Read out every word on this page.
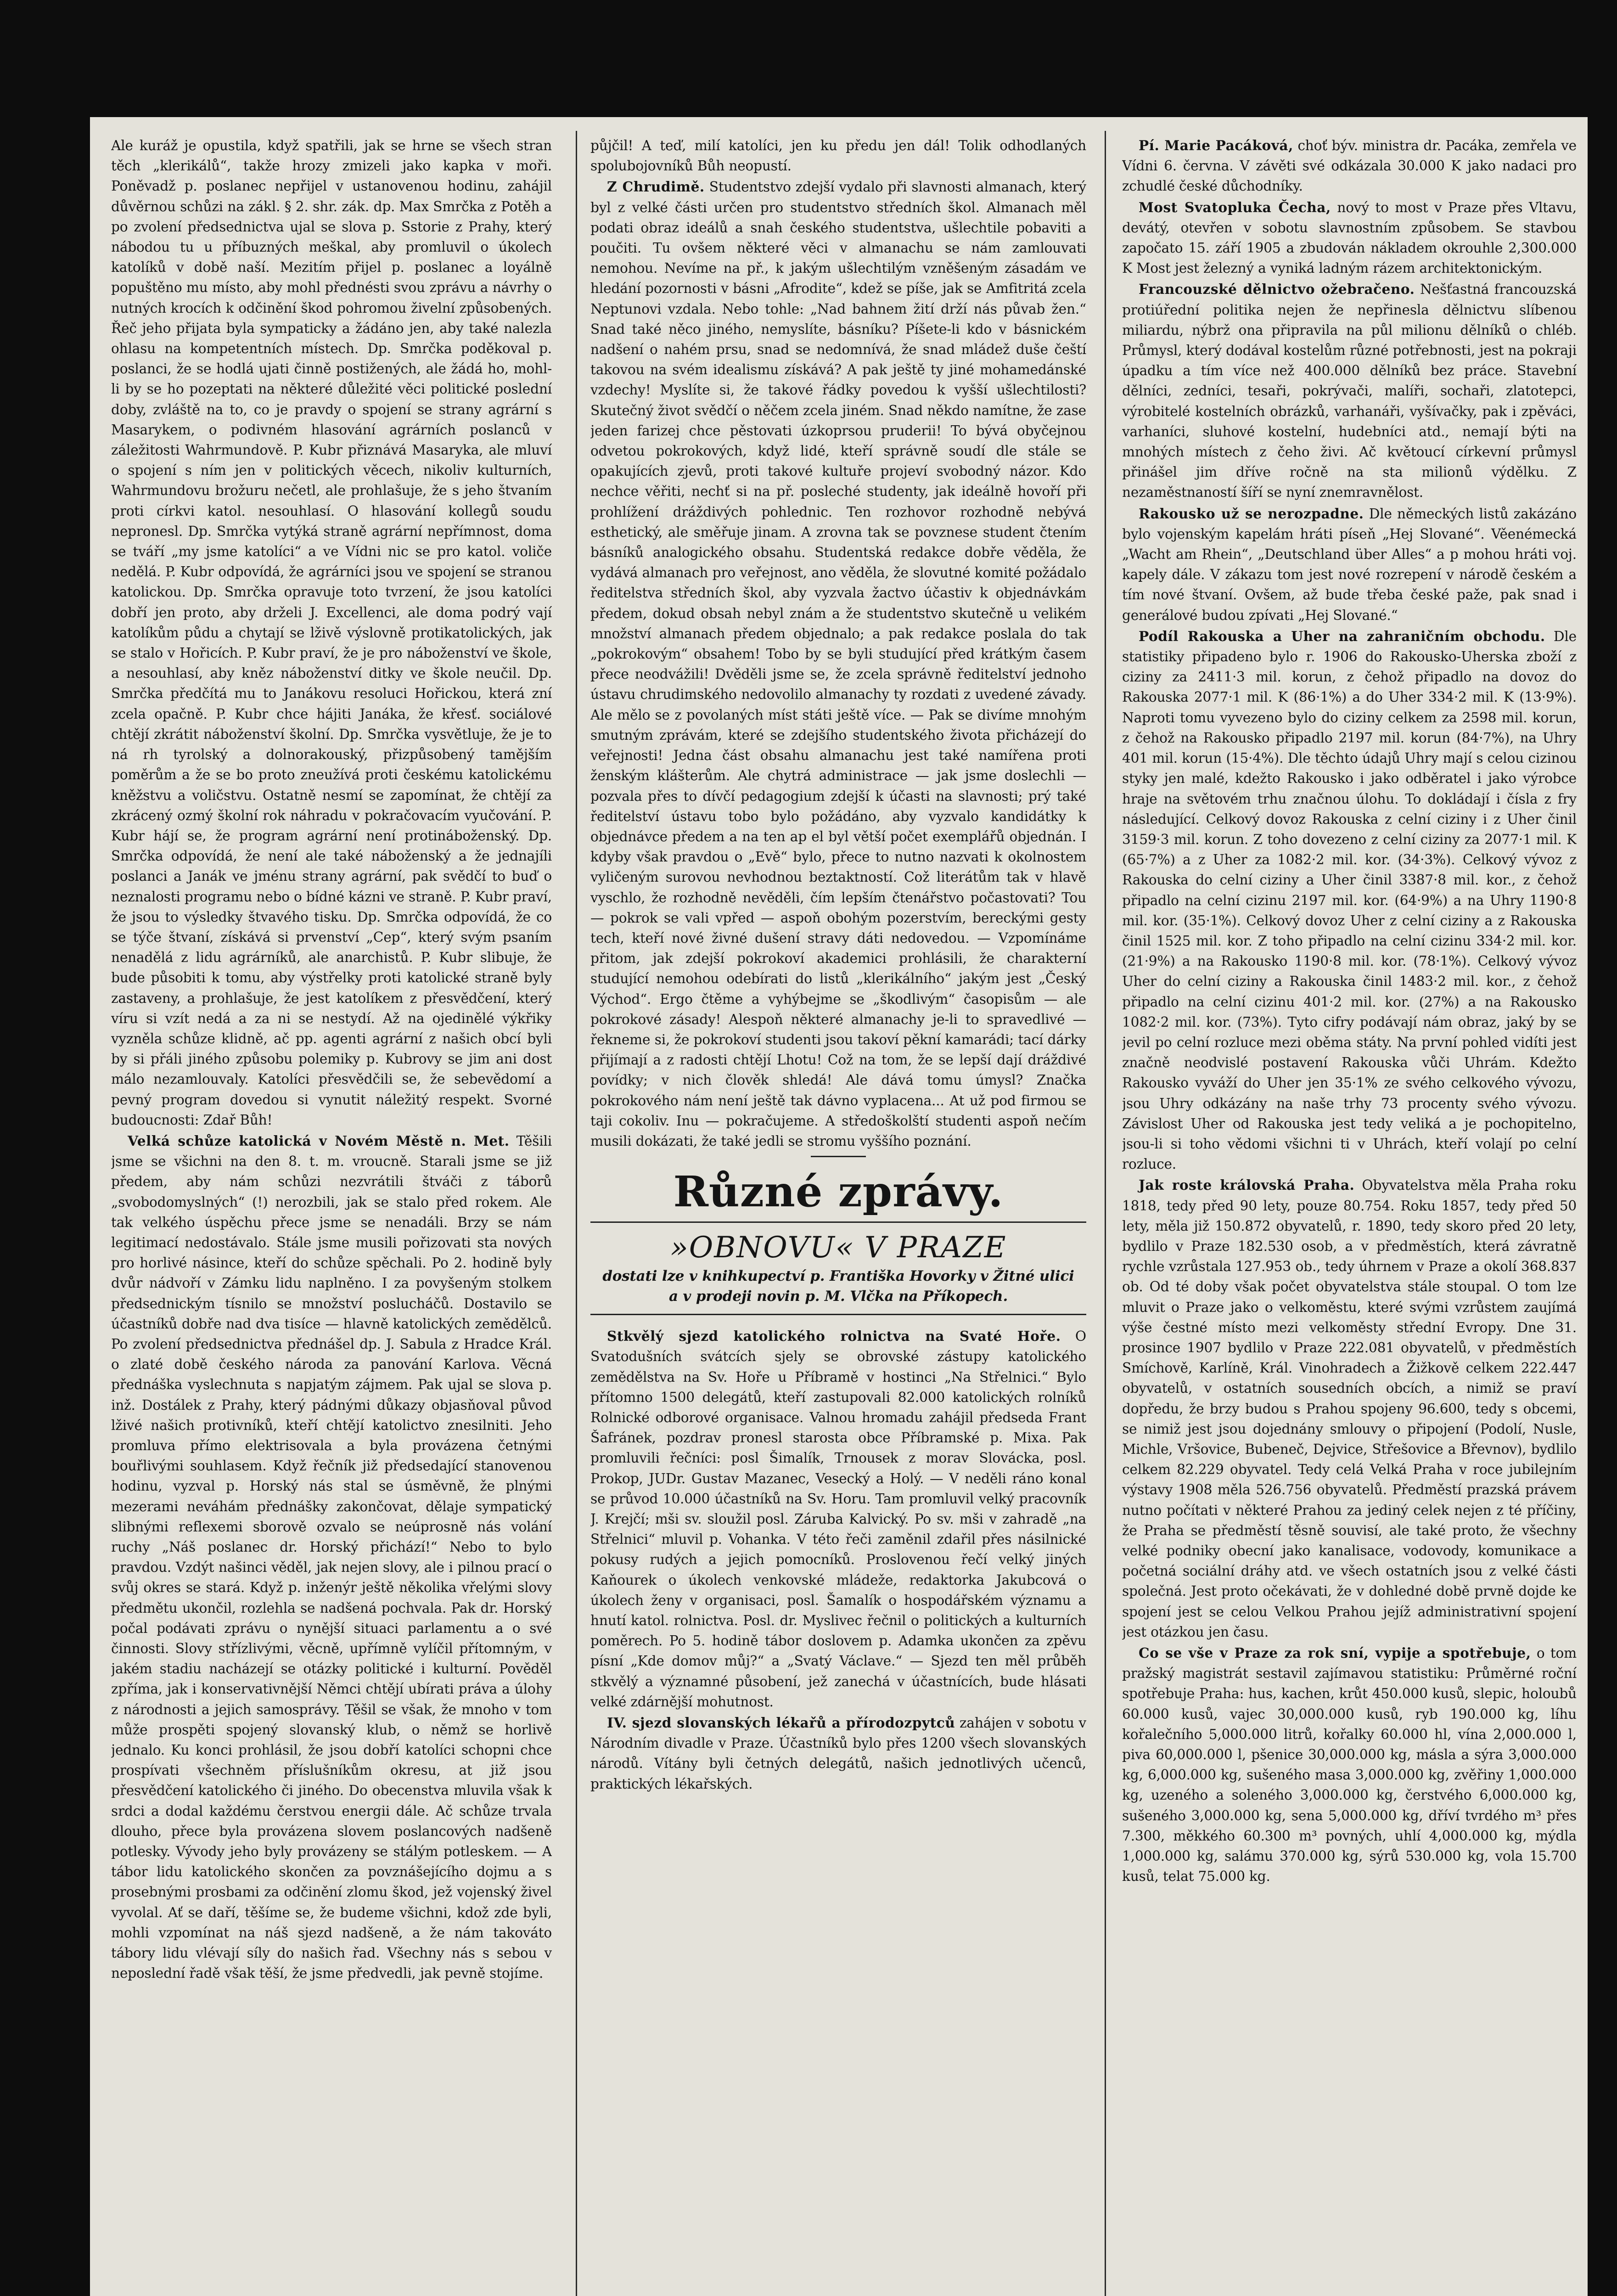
Ale kuráž je opustila, když spatřili, jak se hrne se všech stran těch „klerikálů“, takže hrozy zmizeli jako kapka v moři. Poněvadž p. poslanec nepřijel v ustanovenou hodinu, zahájil důvěrnou schůzi na zákl. § 2. shr. zák. dp. Max Smrčka z Potěh a po zvolení předsednictva ujal se slova p. Sstorie z Prahy, který nábodou tu u příbuzných meškal, aby promluvil o úkolech katolíků v době naší. Mezitím přijel p. poslanec a loyálně popuštěno mu místo, aby mohl přednésti svou zprávu a návrhy o nutných krocích k odčinění škod pohromou živelní způsobených. Řeč jeho přijata byla sympaticky a žádáno jen, aby také nalezla ohlasu na kompetentních místech. Dp. Smrčka poděkoval p. poslanci, že se hodlá ujati činně postižených, ale žádá ho, mohl-li by se ho pozeptati na některé důležité věci politické poslední doby, zvláště na to, co je pravdy o spojení se strany agrární s Masarykem, o podivném hlasování agrárních poslanců v záležitosti Wahrmundově. P. Kubr přiznává Masaryka, ale mluví o spojení s ním jen v politických věcech, nikoliv kulturních, Wahrmundovu brožuru nečetl, ale prohlašuje, že s jeho štvaním proti církvi katol. nesouhlasí. O hlasování kollegů soudu nepronesl. Dp. Smrčka vytýká straně agrární nepřímnost, doma se tváří „my jsme katolíci“ a ve Vídni nic se pro katol. voliče nedělá. P. Kubr odpovídá, že agrárníci jsou ve spojení se stranou katolickou. Dp. Smrčka opravuje toto tvrzení, že jsou katolíci dobří jen proto, aby drželi J. Excellenci, ale doma podrý vají katolíkům půdu a chytají se lživě výslovně protikatolických, jak se stalo v Hořicích. P. Kubr praví, že je pro náboženství ve škole, a nesouhlasí, aby kněz náboženství ditky ve škole neučil. Dp. Smrčka předčítá mu to Janákovu resoluci Hořickou, která zní zcela opačně. P. Kubr chce hájiti Janáka, že křesť. sociálové chtějí zkrátit náboženství školní. Dp. Smrčka vysvětluje, že je to ná rh tyrolský a dolnorakouský, přizpůsobený tamějším poměrům a že se bo proto zneužívá proti českému katolickému kněžstvu a voličstvu. Ostatně nesmí se zapomínat, že chtějí za zkrácený ozmý školní rok náhradu v pokračovacím vyučování. P. Kubr hájí se, že program agrární není protináboženský. Dp. Smrčka odpovídá, že není ale také náboženský a že jednajíli poslanci a Janák ve jménu strany agrární, pak svědčí to buď o neznalosti programu nebo o bídné kázni ve straně. P. Kubr praví, že jsou to výsledky štvavého tisku. Dp. Smrčka odpovídá, že co se týče štvaní, získává si prvenství „Cep“, který svým psaním nenadělá z lidu agrárníků, ale anarchistů. P. Kubr slibuje, že bude působiti k tomu, aby výstřelky proti katolické straně byly zastaveny, a prohlašuje, že jest katolíkem z přesvědčení, který víru si vzít nedá a za ni se nestydí. Až na ojedinělé výkřiky vyzněla schůze klidně, ač pp. agenti agrární z našich obcí byli by si přáli jiného způsobu polemiky p. Kubrovy se jim ani dost málo nezamlouvaly. Katolíci přesvědčili se, že sebevědomí a pevný program dovedou si vynutit náležitý respekt. Svorné budoucnosti: Zdař Bůh!

Velká schůze katolická v Novém Městě n. Met. Těšili jsme se všichni na den 8. t. m. vroucně. Starali jsme se již předem, aby nám schůzi nezvrátili štváči z táborů „svobodomyslných“ (!) nerozbili, jak se stalo před rokem. Ale tak velkého úspěchu přece jsme se nenadáli. Brzy se nám legitimací nedostávalo. Stále jsme musili pořizovati sta nových pro horlivé násince, kteří do schůze spěchali. Po 2. hodině byly dvůr nádvoří v Zámku lidu naplněno. I za povyšeným stolkem předsednickým tísnilo se množství poslucháčů. Dostavilo se účastníků dobře nad dva tisíce — hlavně katolických zemědělců. Po zvolení předsednictva přednášel dp. J. Sabula z Hradce Král. o zlaté době českého národa za panování Karlova. Věcná přednáška vyslechnuta s napjatým zájmem. Pak ujal se slova p. inž. Dostálek z Prahy, který pádnými důkazy objasňoval původ lživé našich protivníků, kteří chtějí katolictvo znesilniti. Jeho promluva přímo elektrisovala a byla provázena četnými bouřlivými souhlasem. Když řečník již předsedající stanovenou hodinu, vyzval p. Horský nás stal se úsměvně, že plnými mezerami neváhám přednášky zakončovat, dělaje sympatický slibnými reflexemi sborově ozvalo se neúprosně nás volání ruchy „Náš poslanec dr. Horský přichází!“ Nebo to bylo pravdou. Vzdýt našinci věděl, jak nejen slovy, ale i pilnou prací o svůj okres se stará. Když p. inženýr ještě několika vřelými slovy předmětu ukončil, rozlehla se nadšená pochvala. Pak dr. Horský počal podávati zprávu o nynější situaci parlamentu a o své činnosti. Slovy střízlivými, věcně, upřímně vylíčil přítomným, v jakém stadiu nacházejí se otázky politické i kulturní. Pověděl zpříma, jak i konservativnější Němci chtějí ubírati práva a úlohy z národnosti a jejich samosprávy. Těšil se však, že mnoho v tom může prospěti spojený slovanský klub, o němž se horlivě jednalo. Ku konci prohlásil, že jsou dobří katolíci schopni chce prospívati všechněm příslušníkům okresu, at již jsou přesvědčení katolického či jiného. Do obecenstva mluvila však k srdci a dodal každému čerstvou energii dále. Ač schůze trvala dlouho, přece byla provázena slovem poslancových nadšeně potlesky. Vývody jeho byly provázeny se stálým potleskem. — A tábor lidu katolického skončen za povznášejícího dojmu a s prosebnými prosbami za odčinění zlomu škod, jež vojenský živel vyvolal. Ať se daří, těšíme se, že budeme všichni, kdož zde byli, mohli vzpomínat na náš sjezd nadšeně, a že nám takováto tábory lidu vlévají síly do našich řad. Všechny nás s sebou v neposlední řadě však těší, že jsme předvedli, jak pevně stojíme.

půjčil! A teď, milí katolíci, jen ku předu jen dál! Tolik odhodlaných spolubojovníků Bůh neopustí.

Z Chrudimě. Studentstvo zdejší vydalo při slavnosti almanach, který byl z velké části určen pro studentstvo středních škol. Almanach měl podati obraz ideálů a snah českého studentstva, ušlechtile pobaviti a poučiti. Tu ovšem některé věci v almanachu se nám zamlouvati nemohou. Nevíme na př., k jakým ušlechtilým vzněšeným zásadám ve hledání pozornosti v básni „Afrodite“, kdež se píše, jak se Amfitritá zcela Neptunovi vzdala. Nebo tohle: „Nad bahnem žití drží nás půvab žen.“ Snad také něco jiného, nemyslíte, básníku? Píšete-li kdo v básnickém nadšení o nahém prsu, snad se nedomnívá, že snad mládež duše čeští takovou na svém idealismu získává? A pak ještě ty jiné mohamedánské vzdechy! Myslíte si, že takové řádky povedou k vyšší ušlechtilosti? Skutečný život svědčí o něčem zcela jiném. Snad někdo namítne, že zase jeden farizej chce pěstovati úzkoprsou pruderii! To bývá obyčejnou odvetou pokrokových, když lidé, kteří správně soudí dle stále se opakujících zjevů, proti takové kultuře projeví svobodný názor. Kdo nechce věřiti, nechť si na př. posleché studenty, jak ideálně hovoří při prohlížení dráždivých pohlednic. Ten rozhovor rozhodně nebývá esthetický, ale směřuje jinam. A zrovna tak se povznese student čtením básníků analogického obsahu. Studentská redakce dobře věděla, že vydává almanach pro veřejnost, ano věděla, že slovutné komité požádalo ředitelstva středních škol, aby vyzvala žactvo účastiv k objednávkám předem, dokud obsah nebyl znám a že studentstvo skutečně u velikém množství almanach předem objednalo; a pak redakce poslala do tak „pokrokovým“ obsahem! Tobo by se byli studující před krátkým časem přece neodvážili! Dvěděli jsme se, že zcela správně ředitelství jednoho ústavu chrudimského nedovolilo almanachy ty rozdati z uvedené závady. Ale mělo se z povolaných míst státi ještě více. — Pak se divíme mnohým smutným zprávám, které se zdejšího studentského života přicházejí do veřejnosti! Jedna část obsahu almanachu jest také namířena proti ženským klášterům. Ale chytrá administrace — jak jsme doslechli — pozvala přes to dívčí pedagogium zdejší k účasti na slavnosti; prý také ředitelství ústavu tobo bylo požádáno, aby vyzvalo kandidátky k objednávce předem a na ten ap el byl větší počet exemplářů objednán. I kdyby však pravdou o „Evě“ bylo, přece to nutno nazvati k okolnostem vyličeným surovou nevhodnou beztaktností. Což literátům tak v hlavě vyschlo, že rozhodně nevěděli, čím lepším čtenářstvo počastovati? Tou — pokrok se vali vpřed — aspoň obohým pozerstvím, bereckými gesty tech, kteří nové živné dušení stravy dáti nedovedou. — Vzpomínáme přitom, jak zdejší pokrokoví akademici prohlásili, že charakterní studující nemohou odebírati do listů „klerikálního“ jakým jest „Český Východ“. Ergo čtěme a vyhýbejme se „škodlivým“ časopisům — ale pokrokové zásady! Alespoň některé almanachy je-li to spravedlivé — řekneme si, že pokrokoví studenti jsou takoví pěkní kamarádi; tací dárky přijímají a z radosti chtějí Lhotu! Což na tom, že se lepší dají dráždivé povídky; v nich člověk shledá! Ale dává tomu úmysl? Značka pokrokového nám není ještě tak dávno vyplacena... At už pod firmou se taji cokoliv. Inu — pokračujeme. A středoškolští studenti aspoň nečím musili dokázati, že také jedli se stromu vyššího poznání.

Různé zprávy.
»OBNOVU« V PRAZE
dostati lze v knihkupectví p. Františka Hovorky v Žitné ulici a v prodeji novin p. M. Vlčka na Příkopech.

Stkvělý sjezd katolického rolnictva na Svaté Hoře. O Svatodušních svátcích sjely se obrovské zástupy katolického zemědělstva na Sv. Hoře u Příbramě v hostinci „Na Střelnici.“ Bylo přítomno 1500 delegátů, kteří zastupovali 82.000 katolických rolníků Rolnické odborové organisace. Valnou hromadu zahájil předseda Frant Šafránek, pozdrav pronesl starosta obce Příbramské p. Mixa. Pak promluvili řečníci: posl Šimalík, Trnousek z morav Slovácka, posl. Prokop, JUDr. Gustav Mazanec, Vesecký a Holý. — V neděli ráno konal se průvod 10.000 účastníků na Sv. Horu. Tam promluvil velký pracovník J. Krejčí; mši sv. sloužil posl. Záruba Kalvický. Po sv. mši v zahradě „na Střelnici“ mluvil p. Vohanka. V této řeči zaměnil zdařil přes násilnické pokusy rudých a jejich pomocníků. Proslovenou řečí velký jiných Kaňourek o úkolech venkovské mládeže, redaktorka Jakubcová o úkolech ženy v organisaci, posl. Šamalík o hospodářském významu a hnutí katol. rolnictva. Posl. dr. Myslivec řečnil o politických a kulturních poměrech. Po 5. hodině tábor doslovem p. Adamka ukončen za zpěvu písní „Kde domov můj?“ a „Svatý Václave.“ — Sjezd ten měl průběh stkvělý a významné působení, jež zanechá v účastnících, bude hlásati velké zdárnější mohutnost.

IV. sjezd slovanských lékařů a přírodozpytců zahájen v sobotu v Národním divadle v Praze. Účastníků bylo přes 1200 všech slovanských národů. Vítány byli četných delegátů, našich jednotlivých učenců, praktických lékařských.

Pí. Marie Pacáková, choť býv. ministra dr. Pacáka, zemřela ve Vídni 6. června. V závěti své odkázala 30.000 K jako nadaci pro zchudlé české důchodníky.

Most Svatopluka Čecha, nový to most v Praze přes Vltavu, devátý, otevřen v sobotu slavnostním způsobem. Se stavbou započato 15. září 1905 a zbudován nákladem okrouhle 2,300.000 K Most jest železný a vyniká ladným rázem architektonickým.

Francouzské dělnictvo ožebračeno. Nešťastná francouzská protiúřední politika nejen že nepřinesla dělnictvu slíbenou miliardu, nýbrž ona připravila na půl milionu dělníků o chléb. Průmysl, který dodával kostelům různé potřebnosti, jest na pokraji úpadku a tím více než 400.000 dělníků bez práce. Stavební dělníci, zedníci, tesaři, pokrývači, malíři, sochaři, zlatotepci, výrobitelé kostelních obrázků, varhanáři, vyšívačky, pak i zpěváci, varhaníci, sluhové kostelní, hudebníci atd., nemají býti na mnohých místech z čeho živi. Ač květoucí církevní průmysl přinášel jim dříve ročně na sta milionů výdělku. Z nezaměstnaností šíří se nyní znemravnělost.

Rakousko už se nerozpadne. Dle německých listů zakázáno bylo vojenským kapelám hráti píseň „Hej Slované“. Věenémecká „Wacht am Rhein“, „Deutschland über Alles“ a p mohou hráti voj. kapely dále. V zákazu tom jest nové rozrepení v národě českém a tím nové štvaní. Ovšem, až bude třeba české paže, pak snad i generálové budou zpívati „Hej Slované.“

Podíl Rakouska a Uher na zahraničním obchodu. Dle statistiky připadeno bylo r. 1906 do Rakousko-Uherska zboží z ciziny za 2411·3 mil. korun, z čehož připadlo na dovoz do Rakouska 2077·1 mil. K (86·1%) a do Uher 334·2 mil. K (13·9%). Naproti tomu vyvezeno bylo do ciziny celkem za 2598 mil. korun, z čehož na Rakousko připadlo 2197 mil. korun (84·7%), na Uhry 401 mil. korun (15·4%). Dle těchto údajů Uhry mají s celou cizinou styky jen malé, kdežto Rakousko i jako odběratel i jako výrobce hraje na světovém trhu značnou úlohu. To dokládají i čísla z fry následující. Celkový dovoz Rakouska z celní ciziny i z Uher činil 3159·3 mil. korun. Z toho dovezeno z celní ciziny za 2077·1 mil. K (65·7%) a z Uher za 1082·2 mil. kor. (34·3%). Celkový vývoz z Rakouska do celní ciziny a Uher činil 3387·8 mil. kor., z čehož připadlo na celní cizinu 2197 mil. kor. (64·9%) a na Uhry 1190·8 mil. kor. (35·1%). Celkový dovoz Uher z celní ciziny a z Rakouska činil 1525 mil. kor. Z toho připadlo na celní cizinu 334·2 mil. kor. (21·9%) a na Rakousko 1190·8 mil. kor. (78·1%). Celkový vývoz Uher do celní ciziny a Rakouska činil 1483·2 mil. kor., z čehož připadlo na celní cizinu 401·2 mil. kor. (27%) a na Rakousko 1082·2 mil. kor. (73%). Tyto cifry podávají nám obraz, jaký by se jevil po celní rozluce mezi oběma státy. Na první pohled vidíti jest značně neodvislé postavení Rakouska vůči Uhrám. Kdežto Rakousko vyváží do Uher jen 35·1% ze svého celkového vývozu, jsou Uhry odkázány na naše trhy 73 procenty svého vývozu. Závislost Uher od Rakouska jest tedy veliká a je pochopitelno, jsou-li si toho vědomi všichni ti v Uhrách, kteří volají po celní rozluce.

Jak roste královská Praha. Obyvatelstva měla Praha roku 1818, tedy před 90 lety, pouze 80.754. Roku 1857, tedy před 50 lety, měla již 150.872 obyvatelů, r. 1890, tedy skoro před 20 lety, bydlilo v Praze 182.530 osob, a v předměstích, která závratně rychle vzrůstala 127.953 ob., tedy úhrnem v Praze a okolí 368.837 ob. Od té doby však počet obyvatelstva stále stoupal. O tom lze mluvit o Praze jako o velkoměstu, které svými vzrůstem zaujímá výše čestné místo mezi velkoměsty střední Evropy. Dne 31. prosince 1907 bydlilo v Praze 222.081 obyvatelů, v předměstích Smíchově, Karlíně, Král. Vinohradech a Žižkově celkem 222.447 obyvatelů, v ostatních sousedních obcích, a nimiž se praví dopředu, že brzy budou s Prahou spojeny 96.600, tedy s obcemi, se nimiž jest jsou dojednány smlouvy o připojení (Podolí, Nusle, Michle, Vršovice, Bubeneč, Dejvice, Střešovice a Břevnov), bydlilo celkem 82.229 obyvatel. Tedy celá Velká Praha v roce jubilejním výstavy 1908 měla 526.756 obyvatelů. Předměstí prazská právem nutno počítati v některé Prahou za jediný celek nejen z té příčiny, že Praha se předměstí těsně souvisí, ale také proto, že všechny velké podniky obecní jako kanalisace, vodovody, komunikace a početná sociální dráhy atd. ve všech ostatních jsou z velké části společná. Jest proto očekávati, že v dohledné době prvně dojde ke spojení jest se celou Velkou Prahou jejíž administrativní spojení jest otázkou jen času.

Co se vše v Praze za rok sní, vypije a spotřebuje, o tom pražský magistrát sestavil zajímavou statistiku: Průměrné roční spotřebuje Praha: hus, kachen, krůt 450.000 kusů, slepic, holoubů 60.000 kusů, vajec 30,000.000 kusů, ryb 190.000 kg, líhu kořalečního 5,000.000 litrů, kořalky 60.000 hl, vína 2,000.000 l, piva 60,000.000 l, pšenice 30,000.000 kg, másla a sýra 3,000.000 kg, 6,000.000 kg, sušeného masa 3,000.000 kg, zvěřiny 1,000.000 kg, uzeného a soleného 3,000.000 kg, čerstvého 6,000.000 kg, sušeného 3,000.000 kg, sena 5,000.000 kg, dříví tvrdého m³ přes 7.300, měkkého 60.300 m³ povných, uhlí 4,000.000 kg, mýdla 1,000.000 kg, salámu 370.000 kg, sýrů 530.000 kg, vola 15.700 kusů, telat 75.000 kg.
